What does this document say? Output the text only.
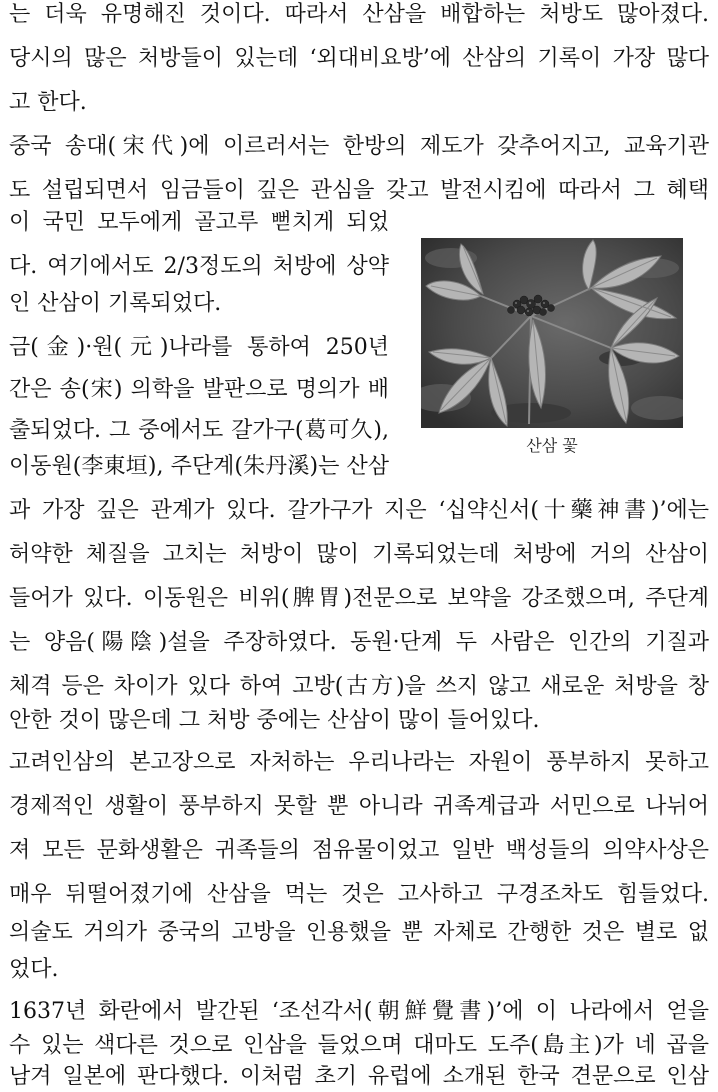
는 더욱 유명해진 것이다. 따라서 산삼을 배합하는 처방도 많아졌다.
당시의 많은 처방들이 있는데 ‘외대비요방’에 산삼의 기록이 가장 많다
고 한다.
중국 송대(宋代)에 이르러서는 한방의 제도가 갖추어지고, 교육기관
도 설립되면서 임금들이 깊은 관심을 갖고 발전시킴에 따라서 그 혜택
이 국민 모두에게 골고루 뻗치게 되었
다. 여기에서도 2/3정도의 처방에 상약
인 산삼이 기록되었다.
금(金)·원(元)나라를 통하여 250년
간은 송(宋) 의학을 발판으로 명의가 배
출되었다. 그 중에서도 갈가구(葛可久),
이동원(李東垣), 주단계(朱丹溪)는 산삼
과 가장 깊은 관계가 있다. 갈가구가 지은 ‘십약신서(十藥神書)’에는
허약한 체질을 고치는 처방이 많이 기록되었는데 처방에 거의 산삼이
들어가 있다. 이동원은 비위(脾胃)전문으로 보약을 강조했으며, 주단계
는 양음(陽陰)설을 주장하였다. 동원·단계 두 사람은 인간의 기질과
체격 등은 차이가 있다 하여 고방(古方)을 쓰지 않고 새로운 처방을 창
안한 것이 많은데 그 처방 중에는 산삼이 많이 들어있다.
고려인삼의 본고장으로 자처하는 우리나라는 자원이 풍부하지 못하고
경제적인 생활이 풍부하지 못할 뿐 아니라 귀족계급과 서민으로 나뉘어
져 모든 문화생활은 귀족들의 점유물이었고 일반 백성들의 의약사상은
매우 뒤떨어졌기에 산삼을 먹는 것은 고사하고 구경조차도 힘들었다.
의술도 거의가 중국의 고방을 인용했을 뿐 자체로 간행한 것은 별로 없
었다.
1637년 화란에서 발간된 ‘조선각서(朝鮮覺書)’에 이 나라에서 얻을
수 있는 색다른 것으로 인삼을 들었으며 대마도 도주(島主)가 네 곱을
남겨 일본에 판다했다. 이처럼 초기 유럽에 소개된 한국 견문으로 인삼
산삼 꽃
